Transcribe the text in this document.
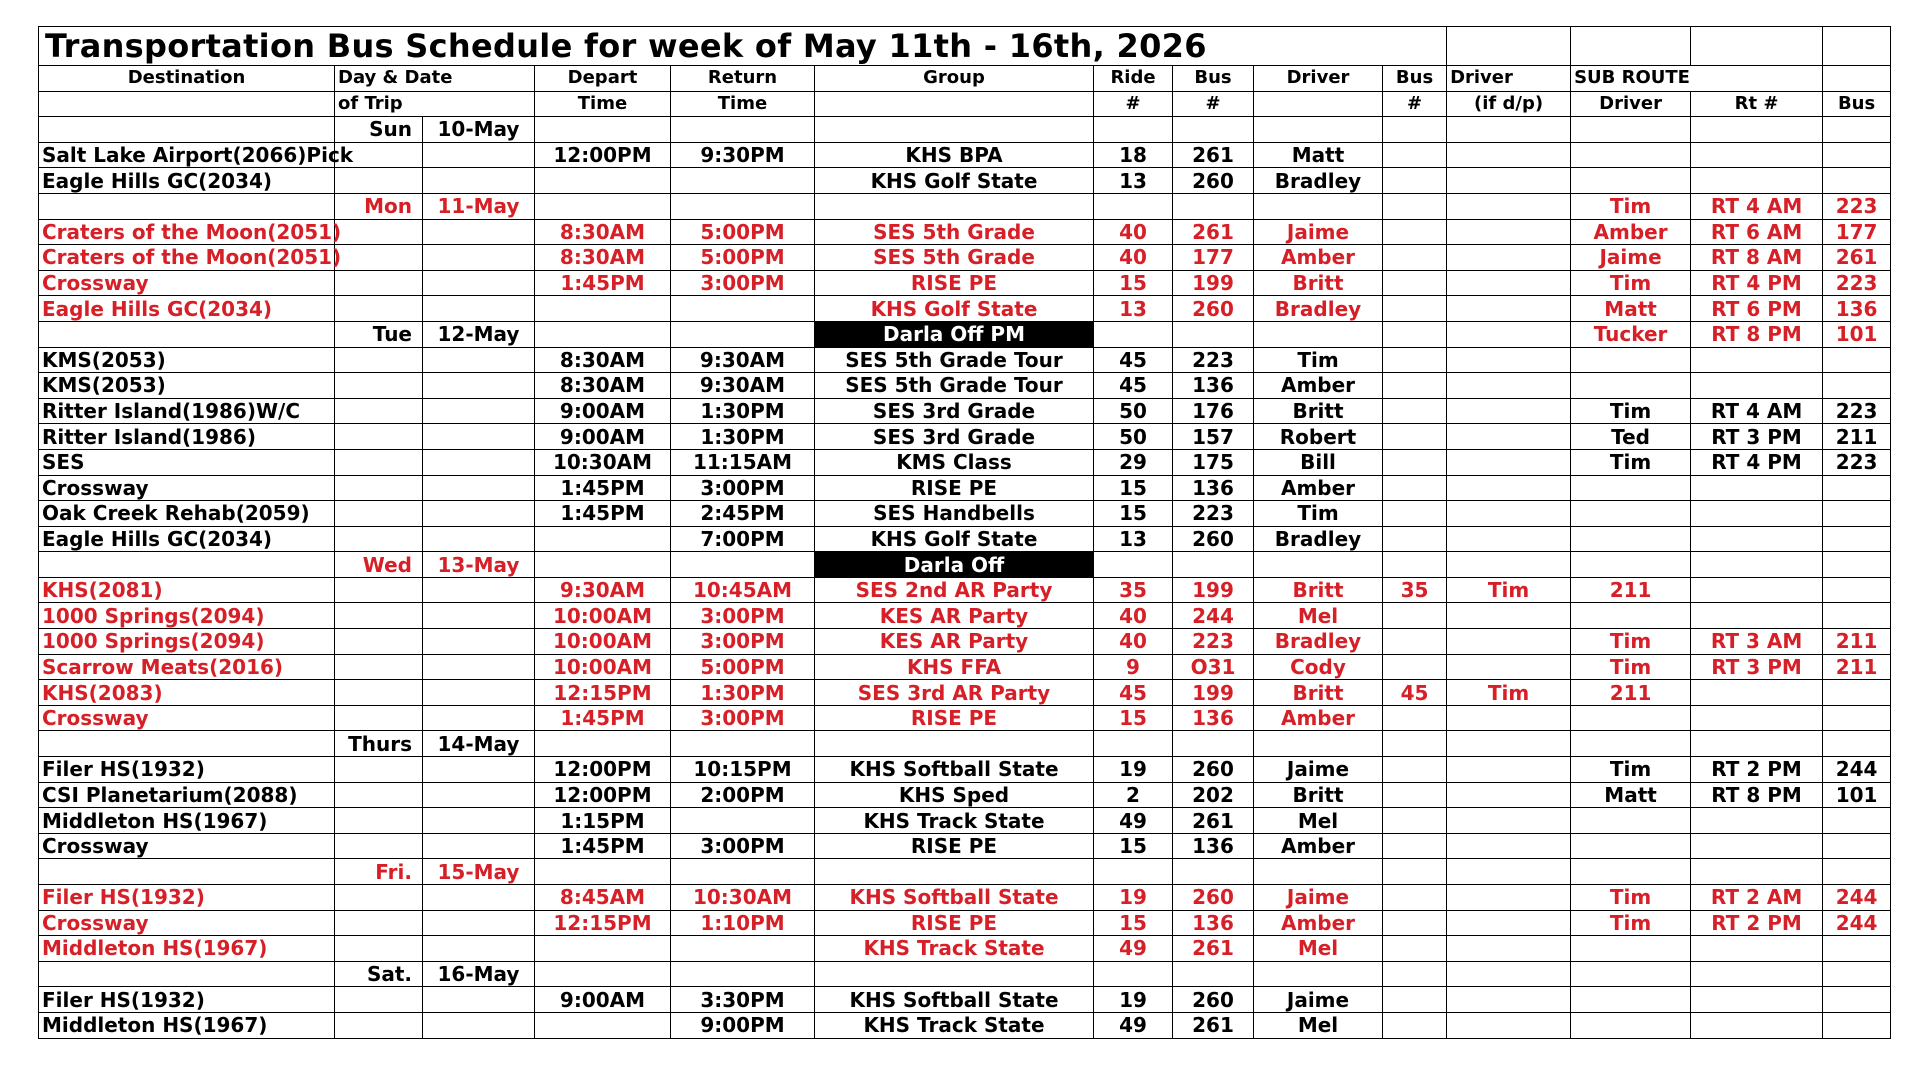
Transportation Bus Schedule for week of May 11th - 16th, 2026													
Destination	Day & Date		Depart	Return	Group	Ride	Bus	Driver	Bus	Driver	SUB ROUTE		
	of Trip		Time	Time		#	#		#	(if d/p)	Driver	Rt #	Bus
	Sun	10-May											
Salt Lake Airport(2066)Pick			12:00PM	9:30PM	KHS BPA	18	261	Matt					
Eagle Hills GC(2034)					KHS Golf State	13	260	Bradley					
	Mon	11-May									Tim	RT 4 AM	223
Craters of the Moon(2051)			8:30AM	5:00PM	SES 5th Grade	40	261	Jaime			Amber	RT 6 AM	177
Craters of the Moon(2051)			8:30AM	5:00PM	SES 5th Grade	40	177	Amber			Jaime	RT 8 AM	261
Crossway			1:45PM	3:00PM	RISE PE	15	199	Britt			Tim	RT 4 PM	223
Eagle Hills GC(2034)					KHS Golf State	13	260	Bradley			Matt	RT 6 PM	136
	Tue	12-May			Darla Off PM						Tucker	RT 8 PM	101
KMS(2053)			8:30AM	9:30AM	SES 5th Grade Tour	45	223	Tim					
KMS(2053)			8:30AM	9:30AM	SES 5th Grade Tour	45	136	Amber					
Ritter Island(1986)W/C			9:00AM	1:30PM	SES 3rd Grade	50	176	Britt			Tim	RT 4 AM	223
Ritter Island(1986)			9:00AM	1:30PM	SES 3rd Grade	50	157	Robert			Ted	RT 3 PM	211
SES			10:30AM	11:15AM	KMS Class	29	175	Bill			Tim	RT 4 PM	223
Crossway			1:45PM	3:00PM	RISE PE	15	136	Amber					
Oak Creek Rehab(2059)			1:45PM	2:45PM	SES Handbells	15	223	Tim					
Eagle Hills GC(2034)				7:00PM	KHS Golf State	13	260	Bradley					
	Wed	13-May			Darla Off								
KHS(2081)			9:30AM	10:45AM	SES 2nd AR Party	35	199	Britt	35	Tim	211		
1000 Springs(2094)			10:00AM	3:00PM	KES AR Party	40	244	Mel					
1000 Springs(2094)			10:00AM	3:00PM	KES AR Party	40	223	Bradley			Tim	RT 3 AM	211
Scarrow Meats(2016)			10:00AM	5:00PM	KHS FFA	9	O31	Cody			Tim	RT 3 PM	211
KHS(2083)			12:15PM	1:30PM	SES 3rd AR Party	45	199	Britt	45	Tim	211		
Crossway			1:45PM	3:00PM	RISE PE	15	136	Amber					
	Thurs	14-May											
Filer HS(1932)			12:00PM	10:15PM	KHS Softball State	19	260	Jaime			Tim	RT 2 PM	244
CSI Planetarium(2088)			12:00PM	2:00PM	KHS Sped	2	202	Britt			Matt	RT 8 PM	101
Middleton HS(1967)			1:15PM		KHS Track State	49	261	Mel					
Crossway			1:45PM	3:00PM	RISE PE	15	136	Amber					
	Fri.	15-May											
Filer HS(1932)			8:45AM	10:30AM	KHS Softball State	19	260	Jaime			Tim	RT 2 AM	244
Crossway			12:15PM	1:10PM	RISE PE	15	136	Amber			Tim	RT 2 PM	244
Middleton HS(1967)					KHS Track State	49	261	Mel					
	Sat.	16-May											
Filer HS(1932)			9:00AM	3:30PM	KHS Softball State	19	260	Jaime					
Middleton HS(1967)				9:00PM	KHS Track State	49	261	Mel					
